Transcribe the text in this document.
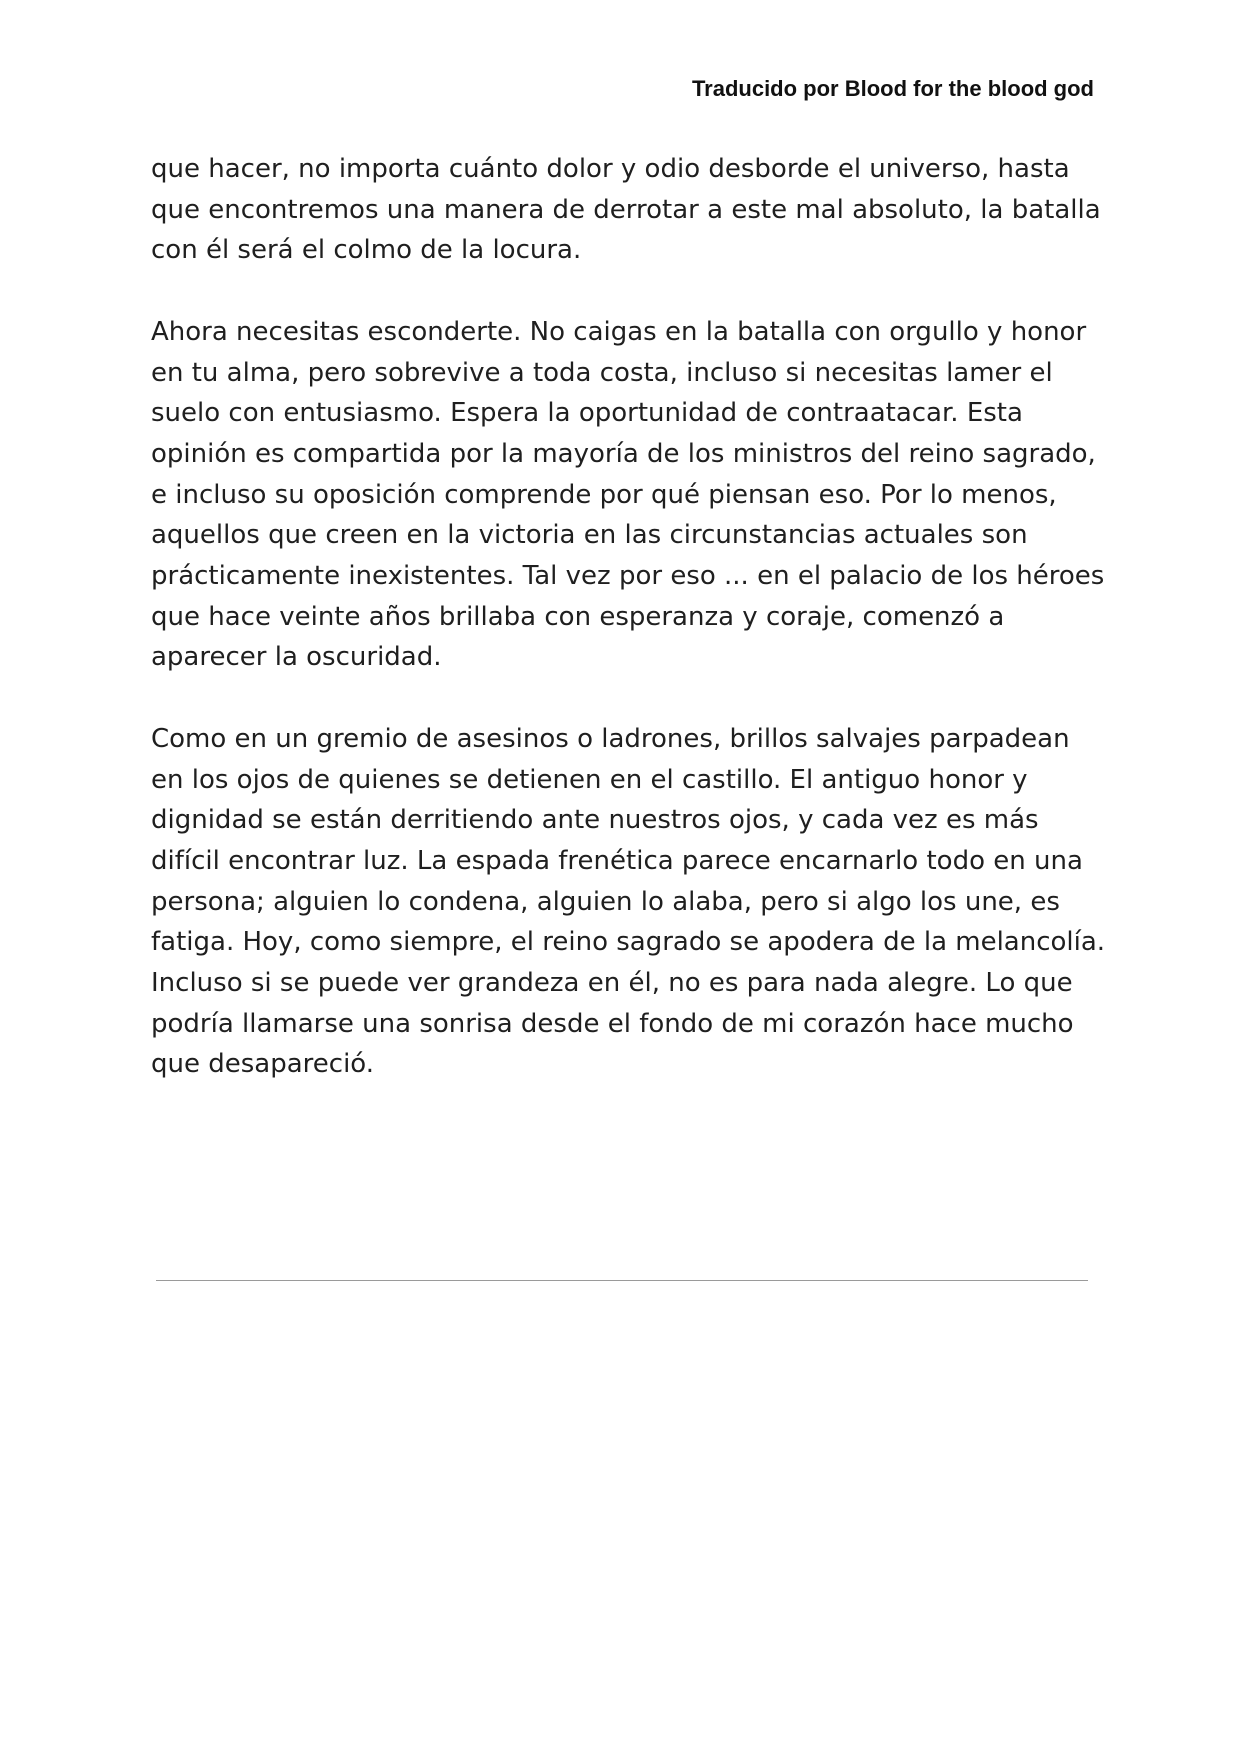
Traducido por Blood for the blood god

que hacer, no importa cuánto dolor y odio desborde el universo, hasta
que encontremos una manera de derrotar a este mal absoluto, la batalla
con él será el colmo de la locura.

Ahora necesitas esconderte. No caigas en la batalla con orgullo y honor
en tu alma, pero sobrevive a toda costa, incluso si necesitas lamer el
suelo con entusiasmo. Espera la oportunidad de contraatacar. Esta
opinión es compartida por la mayoría de los ministros del reino sagrado,
e incluso su oposición comprende por qué piensan eso. Por lo menos,
aquellos que creen en la victoria en las circunstancias actuales son
prácticamente inexistentes. Tal vez por eso ... en el palacio de los héroes
que hace veinte años brillaba con esperanza y coraje, comenzó a
aparecer la oscuridad.

Como en un gremio de asesinos o ladrones, brillos salvajes parpadean
en los ojos de quienes se detienen en el castillo. El antiguo honor y
dignidad se están derritiendo ante nuestros ojos, y cada vez es más
difícil encontrar luz. La espada frenética parece encarnarlo todo en una
persona; alguien lo condena, alguien lo alaba, pero si algo los une, es
fatiga. Hoy, como siempre, el reino sagrado se apodera de la melancolía.
Incluso si se puede ver grandeza en él, no es para nada alegre. Lo que
podría llamarse una sonrisa desde el fondo de mi corazón hace mucho
que desapareció.
